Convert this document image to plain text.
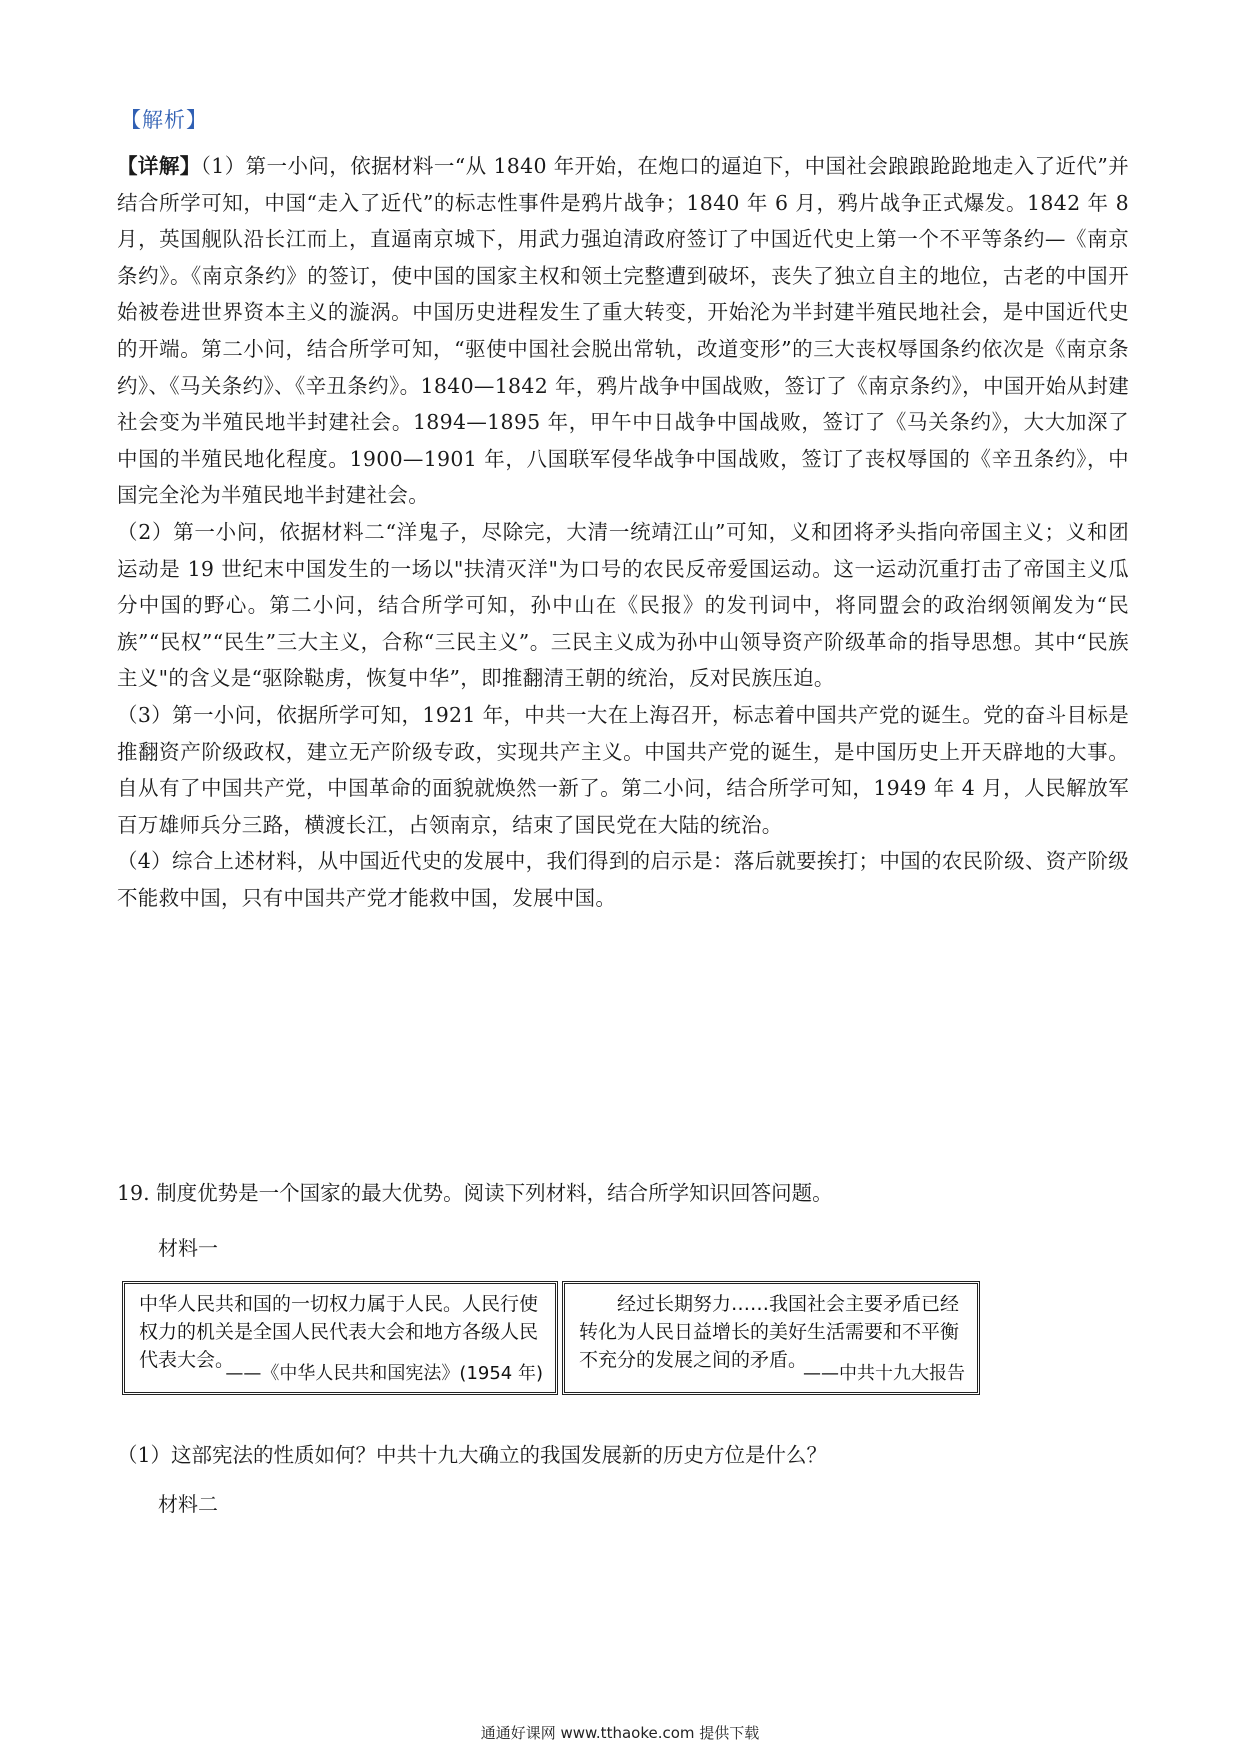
【解析】

【详解】（1）第一小问，依据材料一“从 1840 年开始，在炮口的逼迫下，中国社会踉踉跄跄地走入了近代”并结合所学可知，中国“走入了近代”的标志性事件是鸦片战争；1840 年 6 月，鸦片战争正式爆发。1842 年 8 月，英国舰队沿长江而上，直逼南京城下，用武力强迫清政府签订了中国近代史上第一个不平等条约—《南京条约》。《南京条约》的签订，使中国的国家主权和领土完整遭到破坏，丧失了独立自主的地位，古老的中国开始被卷进世界资本主义的漩涡。中国历史进程发生了重大转变，开始沦为半封建半殖民地社会，是中国近代史的开端。第二小问，结合所学可知，“驱使中国社会脱出常轨，改道变形”的三大丧权辱国条约依次是《南京条约》、《马关条约》、《辛丑条约》。1840—1842 年，鸦片战争中国战败，签订了《南京条约》，中国开始从封建社会变为半殖民地半封建社会。1894—1895 年，甲午中日战争中国战败，签订了《马关条约》，大大加深了中国的半殖民地化程度。1900—1901 年，八国联军侵华战争中国战败，签订了丧权辱国的《辛丑条约》，中国完全沦为半殖民地半封建社会。

（2）第一小问，依据材料二“洋鬼子，尽除完，大清一统靖江山”可知，义和团将矛头指向帝国主义；义和团运动是 19 世纪末中国发生的一场以"扶清灭洋"为口号的农民反帝爱国运动。这一运动沉重打击了帝国主义瓜分中国的野心。第二小问，结合所学可知，孙中山在《民报》的发刊词中，将同盟会的政治纲领阐发为“民族”“民权”“民生”三大主义，合称“三民主义”。三民主义成为孙中山领导资产阶级革命的指导思想。其中“民族主义"的含义是“驱除鞑虏，恢复中华”，即推翻清王朝的统治，反对民族压迫。

（3）第一小问，依据所学可知，1921 年，中共一大在上海召开，标志着中国共产党的诞生。党的奋斗目标是推翻资产阶级政权，建立无产阶级专政，实现共产主义。中国共产党的诞生，是中国历史上开天辟地的大事。自从有了中国共产党，中国革命的面貌就焕然一新了。第二小问，结合所学可知，1949 年 4 月，人民解放军百万雄师兵分三路，横渡长江，占领南京，结束了国民党在大陆的统治。

（4）综合上述材料，从中国近代史的发展中，我们得到的启示是：落后就要挨打；中国的农民阶级、资产阶级不能救中国，只有中国共产党才能救中国，发展中国。

19. 制度优势是一个国家的最大优势。阅读下列材料，结合所学知识回答问题。
材料一
中华人民共和国的一切权力属于人民。人民行使权力的机关是全国人民代表大会和地方各级人民代表大会。
——《中华人民共和国宪法》(1954 年)
经过长期努力……我国社会主要矛盾已经转化为人民日益增长的美好生活需要和不平衡不充分的发展之间的矛盾。
——中共十九大报告
（1）这部宪法的性质如何？中共十九大确立的我国发展新的历史方位是什么？
材料二
通通好课网 www.tthaoke.com 提供下载
